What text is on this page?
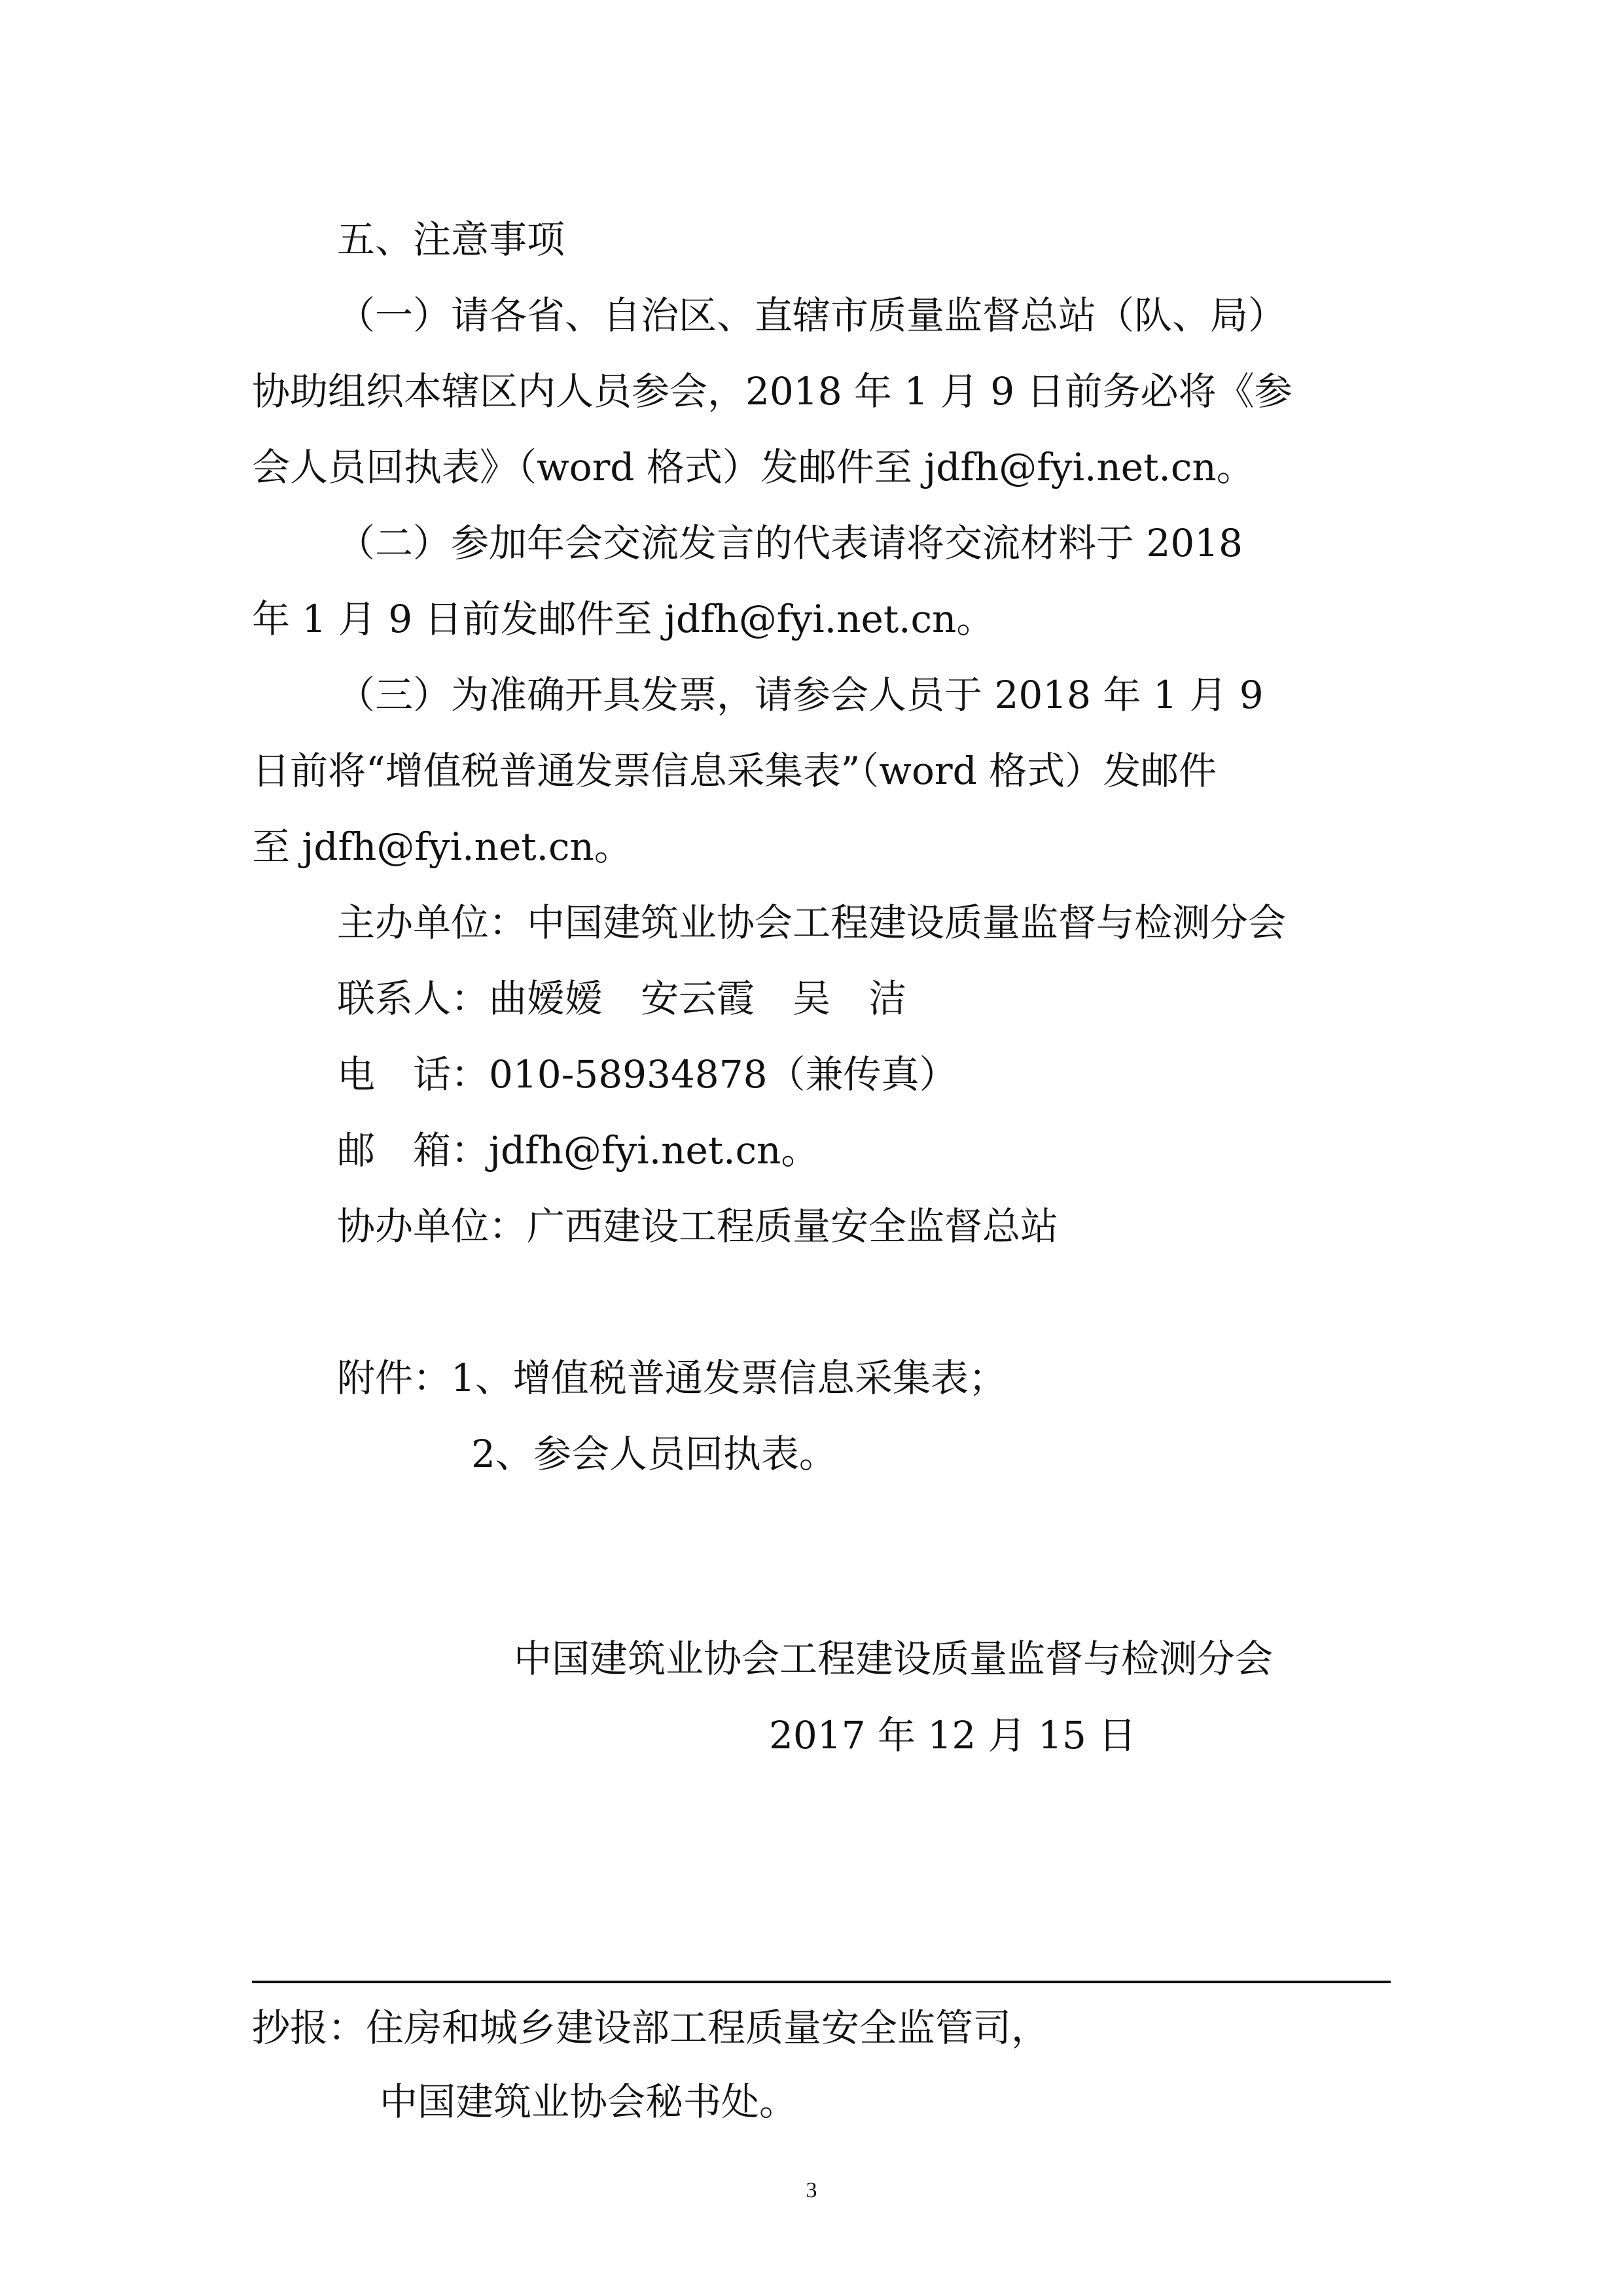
五、注意事项
（一）请各省、自治区、直辖市质量监督总站（队、局）
协助组织本辖区内人员参会，2018 年 1 月 9 日前务必将《参
会人员回执表》（word 格式）发邮件至 jdfh@fyi.net.cn。
（二）参加年会交流发言的代表请将交流材料于 2018
年 1 月 9 日前发邮件至 jdfh@fyi.net.cn。
（三）为准确开具发票，请参会人员于 2018 年 1 月 9
日前将“增值税普通发票信息采集表”（word 格式）发邮件
至 jdfh@fyi.net.cn。
主办单位：中国建筑业协会工程建设质量监督与检测分会
联系人：曲嫒嫒　安云霞　吴　洁
电　话：010-58934878（兼传真）
邮　箱：jdfh@fyi.net.cn。
协办单位：广西建设工程质量安全监督总站
附件：1、增值税普通发票信息采集表；
2、参会人员回执表。
中国建筑业协会工程建设质量监督与检测分会
2017 年 12 月 15 日
抄报：住房和城乡建设部工程质量安全监管司，
中国建筑业协会秘书处。
3
